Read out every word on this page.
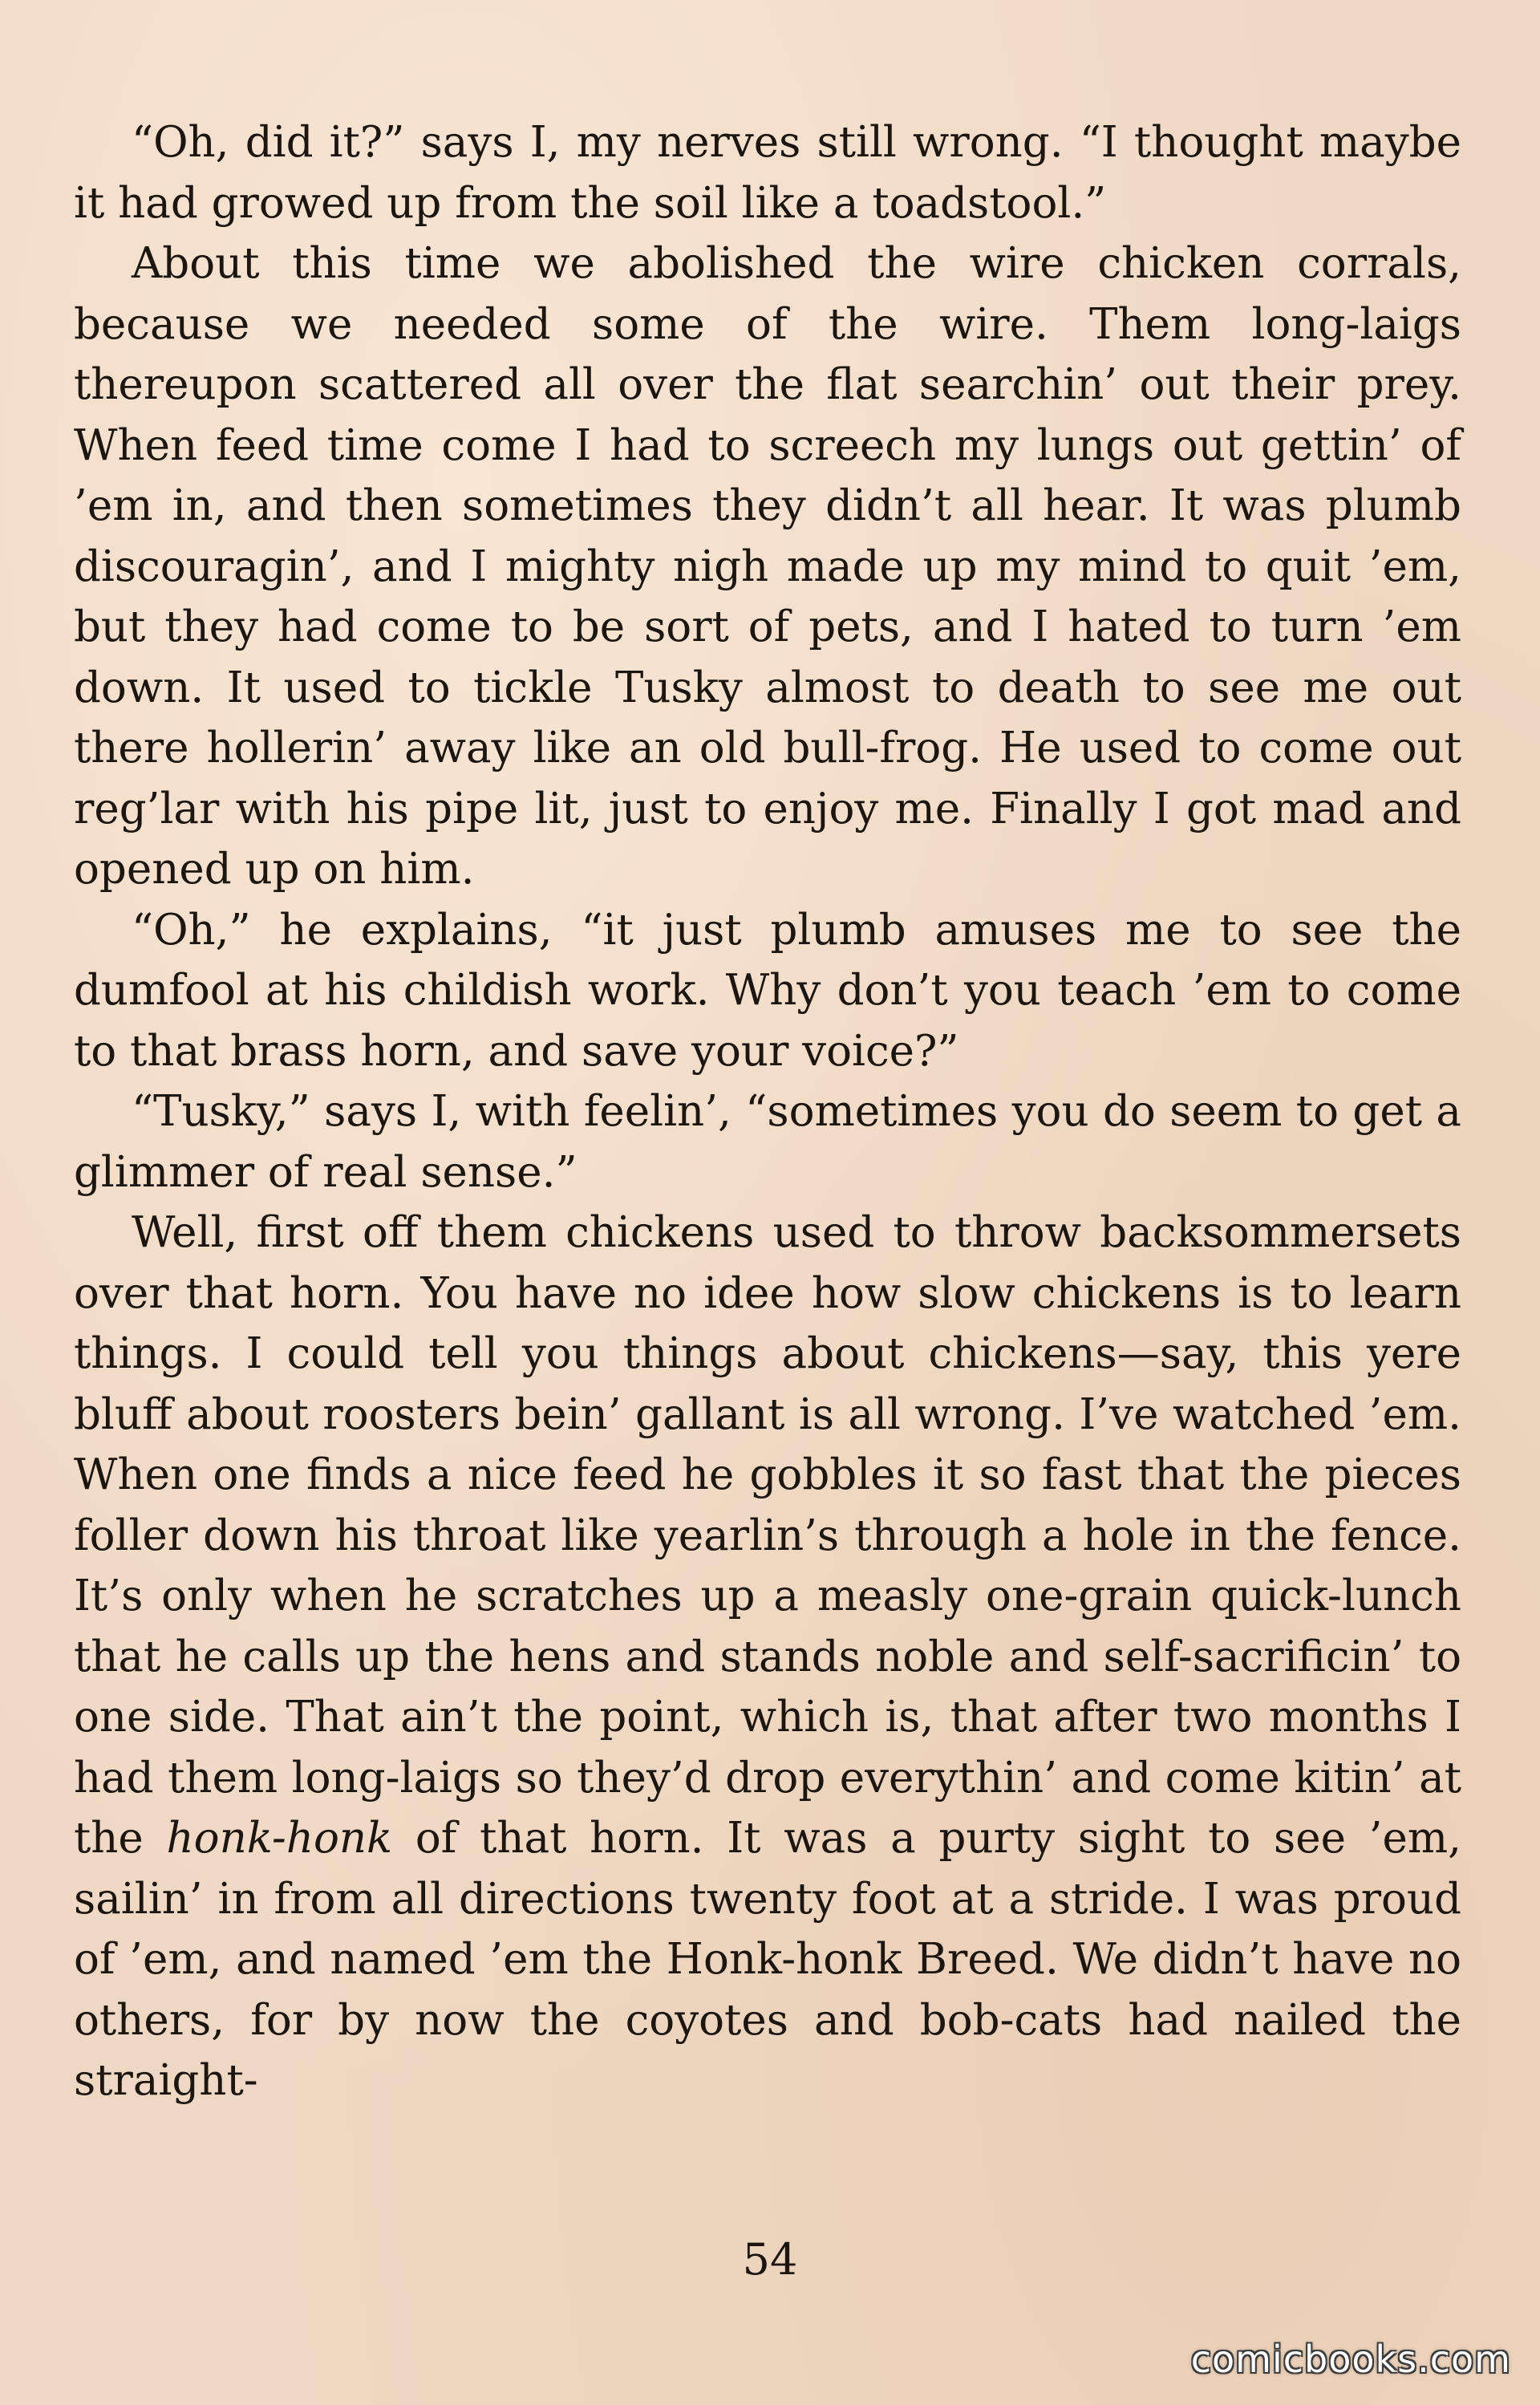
“Oh, did it?” says I, my nerves still wrong. “I thought maybe it had growed up from the soil like a toadstool.”

About this time we abolished the wire chicken corrals, because we needed some of the wire. Them long-laigs thereupon scattered all over the flat searchin’ out their prey. When feed time come I had to screech my lungs out gettin’ of ’em in, and then sometimes they didn’t all hear. It was plumb discouragin’, and I mighty nigh made up my mind to quit ’em, but they had come to be sort of pets, and I hated to turn ’em down. It used to tickle Tusky almost to death to see me out there hollerin’ away like an old bull-frog. He used to come out reg’lar with his pipe lit, just to enjoy me. Finally I got mad and opened up on him.

“Oh,” he explains, “it just plumb amuses me to see the dumfool at his childish work. Why don’t you teach ’em to come to that brass horn, and save your voice?”

“Tusky,” says I, with feelin’, “sometimes you do seem to get a glimmer of real sense.”

Well, first off them chickens used to throw backsommersets over that horn. You have no idee how slow chickens is to learn things. I could tell you things about chickens—say, this yere bluff about roosters bein’ gallant is all wrong. I’ve watched ’em. When one finds a nice feed he gobbles it so fast that the pieces foller down his throat like yearlin’s through a hole in the fence. It’s only when he scratches up a measly one-grain quick-lunch that he calls up the hens and stands noble and self-sacrificin’ to one side. That ain’t the point, which is, that after two months I had them long-laigs so they’d drop everythin’ and come kitin’ at the honk-honk of that horn. It was a purty sight to see ’em, sailin’ in from all directions twenty foot at a stride. I was proud of ’em, and named ’em the Honk-honk Breed. We didn’t have no others, for by now the coyotes and bob-cats had nailed the straight-

54
comicbooks.com
